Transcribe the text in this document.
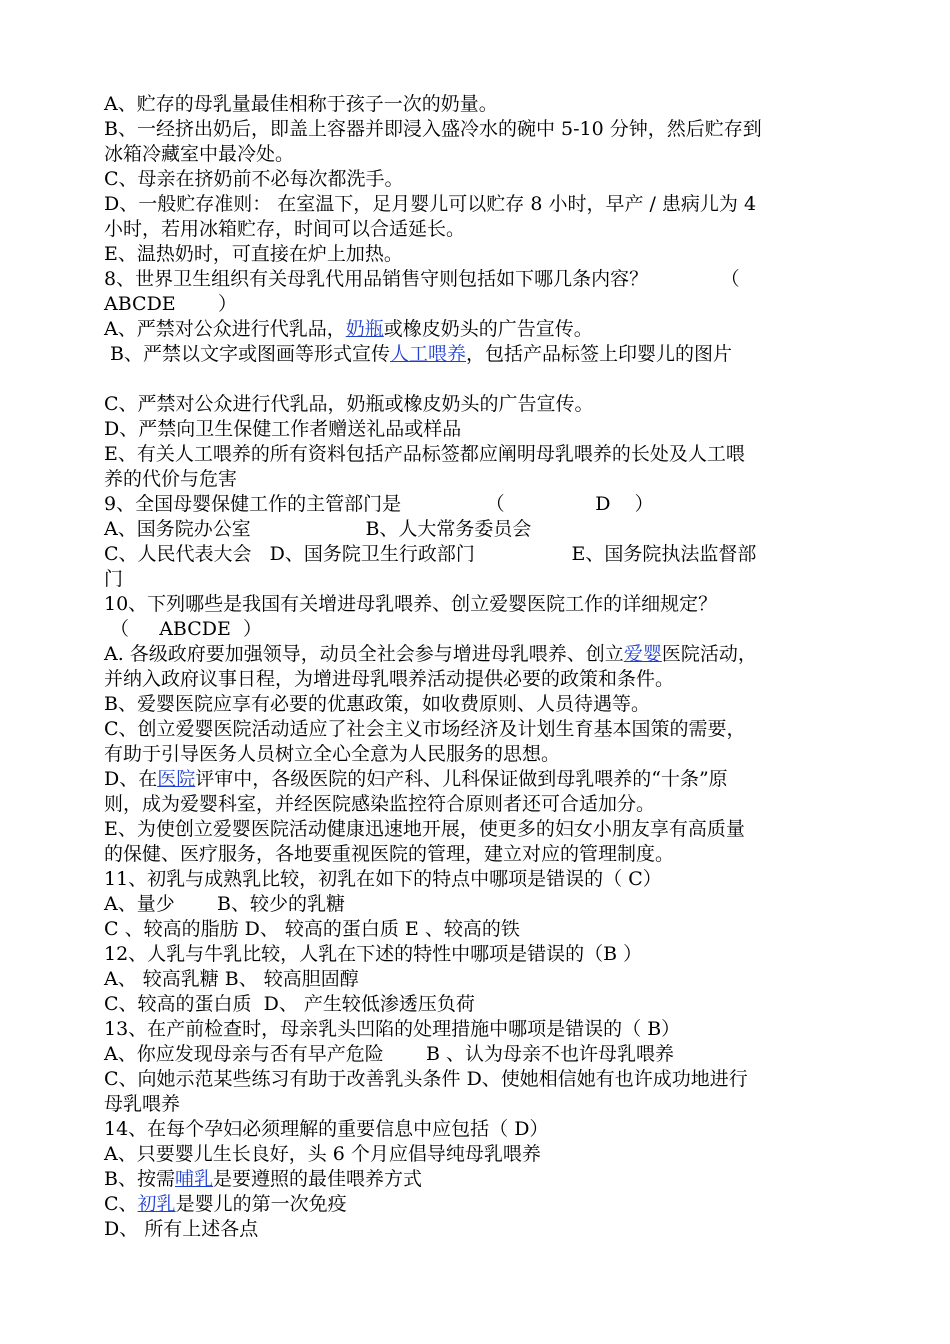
A、贮存的母乳量最佳相称于孩子一次的奶量。
B、一经挤出奶后，即盖上容器并即浸入盛冷水的碗中 5-10 分钟，然后贮存到
冰箱冷藏室中最冷处。
C、母亲在挤奶前不必每次都洗手。
D、一般贮存准则： 在室温下，足月婴儿可以贮存 8 小时，早产 / 患病儿为 4
小时，若用冰箱贮存，时间可以合适延长。
E、温热奶时，可直接在炉上加热。
8、世界卫生组织有关母乳代用品销售守则包括如下哪几条内容？            （
ABCDE       ）
A、严禁对公众进行代乳品，奶瓶或橡皮奶头的广告宣传。
B、严禁以文字或图画等形式宣传人工喂养，包括产品标签上印婴儿的图片
C、严禁对公众进行代乳品，奶瓶或橡皮奶头的广告宣传。
D、严禁向卫生保健工作者赠送礼品或样品
E、有关人工喂养的所有资料包括产品标签都应阐明母乳喂养的长处及人工喂
养的代价与危害
9、全国母婴保健工作的主管部门是              （               D    ）
A、国务院办公室                   B、人大常务委员会
C、人民代表大会   D、国务院卫生行政部门                E、国务院执法监督部
门
10、下列哪些是我国有关增进母乳喂养、创立爱婴医院工作的详细规定？
（     ABCDE  ）
A. 各级政府要加强领导，动员全社会参与增进母乳喂养、创立爱婴医院活动，
并纳入政府议事日程，为增进母乳喂养活动提供必要的政策和条件。
B、爱婴医院应享有必要的优惠政策，如收费原则、人员待遇等。
C、创立爱婴医院活动适应了社会主义市场经济及计划生育基本国策的需要，
有助于引导医务人员树立全心全意为人民服务的思想。
D、在医院评审中，各级医院的妇产科、儿科保证做到母乳喂养的“十条”原
则，成为爱婴科室，并经医院感染监控符合原则者还可合适加分。
E、为使创立爱婴医院活动健康迅速地开展，使更多的妇女小朋友享有高质量
的保健、医疗服务，各地要重视医院的管理，建立对应的管理制度。
11、初乳与成熟乳比较，初乳在如下的特点中哪项是错误的（ C）
A、量少       B、较少的乳糖
C 、较高的脂肪 D、 较高的蛋白质 E 、较高的铁
12、人乳与牛乳比较，人乳在下述的特性中哪项是错误的（B ）
A、 较高乳糖 B、 较高胆固醇
C、较高的蛋白质  D、 产生较低渗透压负荷
13、在产前检查时，母亲乳头凹陷的处理措施中哪项是错误的（ B）
A、你应发现母亲与否有早产危险       B 、认为母亲不也许母乳喂养
C、向她示范某些练习有助于改善乳头条件 D、使她相信她有也许成功地进行
母乳喂养
14、在每个孕妇必须理解的重要信息中应包括（ D）
A、只要婴儿生长良好，头 6 个月应倡导纯母乳喂养
B、按需哺乳是要遵照的最佳喂养方式
C、初乳是婴儿的第一次免疫
D、 所有上述各点
